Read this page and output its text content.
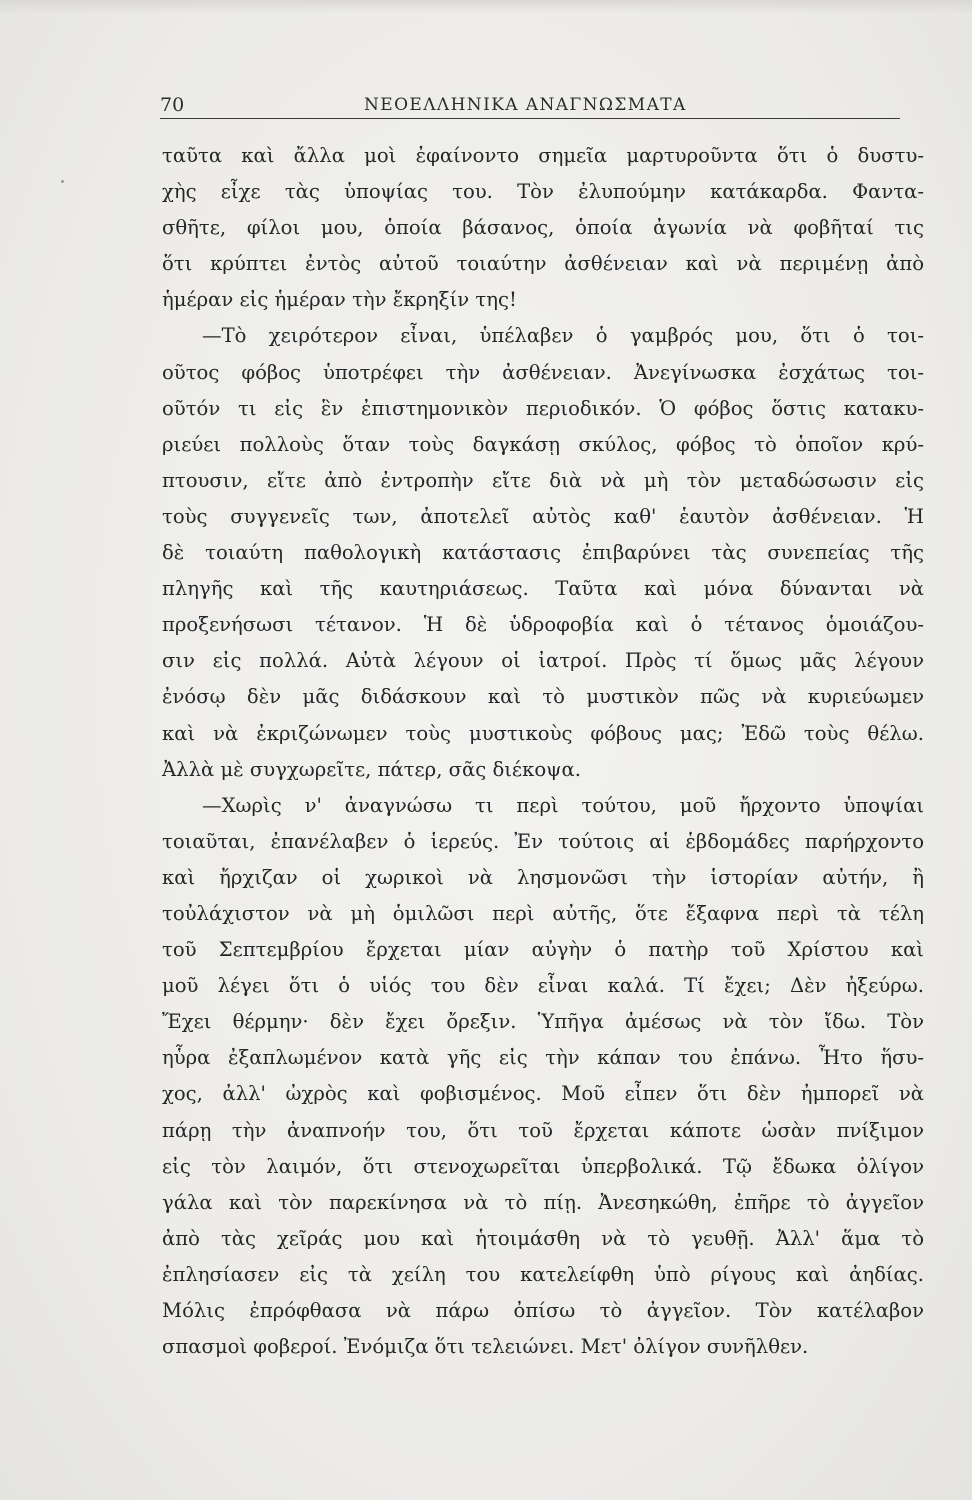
70	ΝΕΟΕΛΛΗΝΙΚΑ ΑΝΑΓΝΩΣΜΑΤΑ
ταῦτα καὶ ἄλλα μοὶ ἐφαίνοντο σημεῖα μαρτυροῦντα ὅτι ὁ δυστυ-
χὴς εἶχε τὰς ὑποψίας του. Τὸν ἐλυπούμην κατάκαρδα. Φαντα-
σθῆτε, φίλοι μου, ὁποία βάσανος, ὁποία ἀγωνία νὰ φοβῆταί τις
ὅτι κρύπτει ἐντὸς αὐτοῦ τοιαύτην ἀσθένειαν καὶ νὰ περιμένῃ ἀπὸ
ἡμέραν εἰς ἡμέραν τὴν ἔκρηξίν της!
—Τὸ χειρότερον εἶναι, ὑπέλαβεν ὁ γαμβρός μου, ὅτι ὁ τοι-
οῦτος φόβος ὑποτρέφει τὴν ἀσθένειαν. Ἀνεγίνωσκα ἐσχάτως τοι-
οῦτόν τι εἰς ἓν ἐπιστημονικὸν περιοδικόν. Ὁ φόβος ὅστις κατακυ-
ριεύει πολλοὺς ὅταν τοὺς δαγκάσῃ σκύλος, φόβος τὸ ὁποῖον κρύ-
πτουσιν, εἴτε ἀπὸ ἐντροπὴν εἴτε διὰ νὰ μὴ τὸν μεταδώσωσιν εἰς
τοὺς συγγενεῖς των, ἀποτελεῖ αὐτὸς καθ' ἑαυτὸν ἀσθένειαν. Ἡ
δὲ τοιαύτη παθολογικὴ κατάστασις ἐπιβαρύνει τὰς συνεπείας τῆς
πληγῆς καὶ τῆς καυτηριάσεως. Ταῦτα καὶ μόνα δύνανται νὰ
προξενήσωσι τέτανον. Ἡ δὲ ὑδροφοβία καὶ ὁ τέτανος ὁμοιάζου-
σιν εἰς πολλά. Αὐτὰ λέγουν οἱ ἰατροί. Πρὸς τί ὅμως μᾶς λέγουν
ἐνόσῳ δὲν μᾶς διδάσκουν καὶ τὸ μυστικὸν πῶς νὰ κυριεύωμεν
καὶ νὰ ἐκριζώνωμεν τοὺς μυστικοὺς φόβους μας; Ἐδῶ τοὺς θέλω.
Ἀλλὰ μὲ συγχωρεῖτε, πάτερ, σᾶς διέκοψα.
—Χωρὶς ν' ἀναγνώσω τι περὶ τούτου, μοῦ ἤρχοντο ὑποψίαι
τοιαῦται, ἐπανέλαβεν ὁ ἱερεύς. Ἐν τούτοις αἱ ἑβδομάδες παρήρχοντο
καὶ ἤρχιζαν οἱ χωρικοὶ νὰ λησμονῶσι τὴν ἱστορίαν αὐτήν, ἢ
τοὐλάχιστον νὰ μὴ ὁμιλῶσι περὶ αὐτῆς, ὅτε ἔξαφνα περὶ τὰ τέλη
τοῦ Σεπτεμβρίου ἔρχεται μίαν αὐγὴν ὁ πατὴρ τοῦ Χρίστου καὶ
μοῦ λέγει ὅτι ὁ υἱός του δὲν εἶναι καλά. Τί ἔχει; Δὲν ἠξεύρω.
Ἔχει θέρμην· δὲν ἔχει ὄρεξιν. Ὑπῆγα ἀμέσως νὰ τὸν ἴδω. Τὸν
ηὗρα ἐξαπλωμένον κατὰ γῆς εἰς τὴν κάπαν του ἐπάνω. Ἦτο ἥσυ-
χος, ἀλλ' ὠχρὸς καὶ φοβισμένος. Μοῦ εἶπεν ὅτι δὲν ἠμπορεῖ νὰ
πάρῃ τὴν ἀναπνοήν του, ὅτι τοῦ ἔρχεται κάποτε ὡσὰν πνίξιμον
εἰς τὸν λαιμόν, ὅτι στενοχωρεῖται ὑπερβολικά. Τῷ ἔδωκα ὀλίγον
γάλα καὶ τὸν παρεκίνησα νὰ τὸ πίῃ. Ἀνεσηκώθη, ἐπῆρε τὸ ἀγγεῖον
ἀπὸ τὰς χεῖράς μου καὶ ἡτοιμάσθη νὰ τὸ γευθῇ. Ἀλλ' ἅμα τὸ
ἐπλησίασεν εἰς τὰ χείλη του κατελείφθη ὑπὸ ρίγους καὶ ἀηδίας.
Μόλις ἐπρόφθασα νὰ πάρω ὀπίσω τὸ ἀγγεῖον. Τὸν κατέλαβον
σπασμοὶ φοβεροί. Ἐνόμιζα ὅτι τελειώνει. Μετ' ὀλίγον συνῆλθεν.
